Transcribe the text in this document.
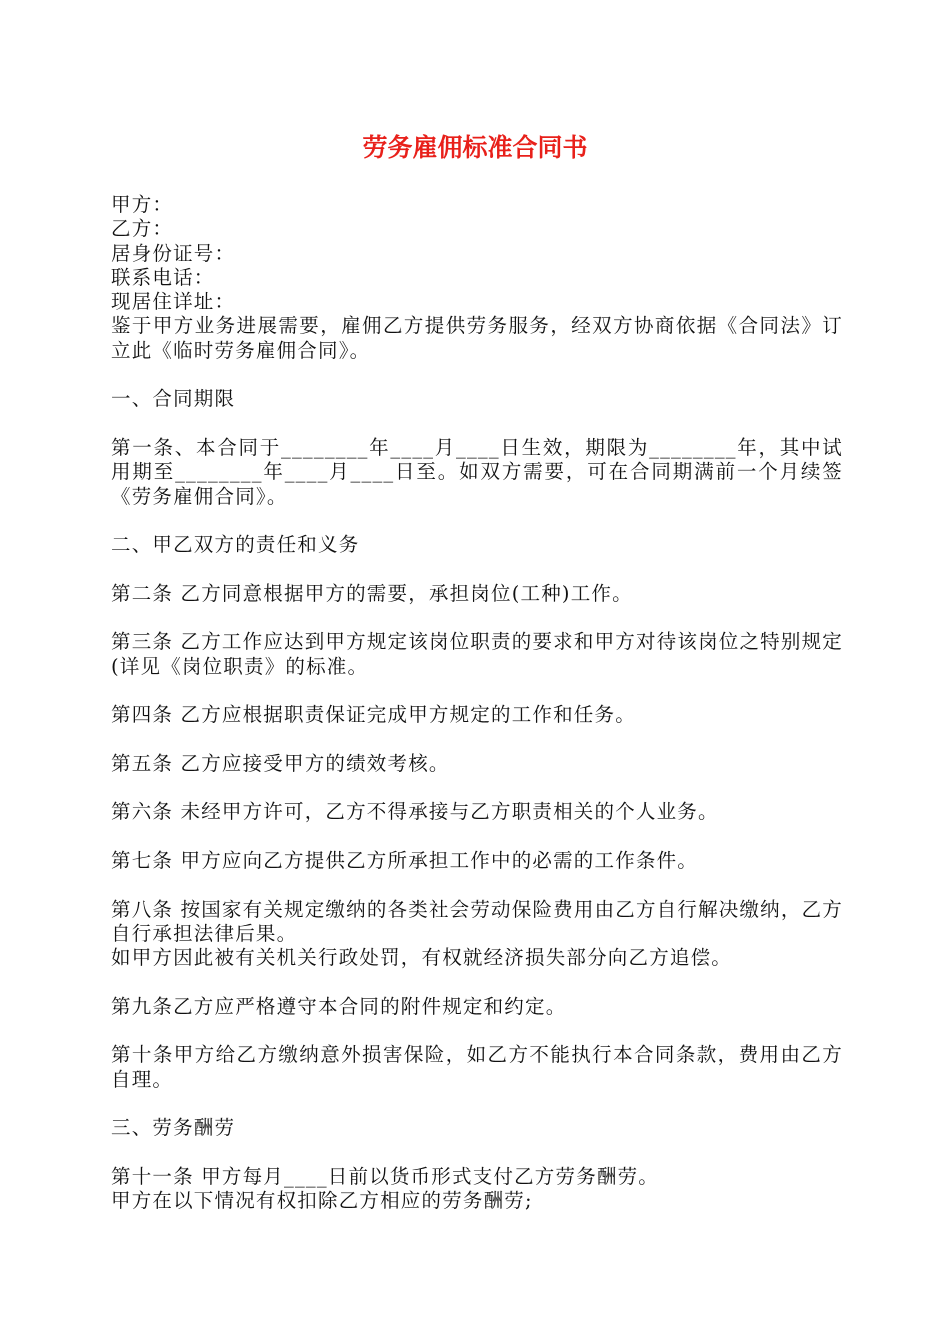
劳务雇佣标准合同书

甲方：

乙方：

居身份证号：

联系电话：

现居住详址：

鉴于甲方业务进展需要，雇佣乙方提供劳务服务，经双方协商依据《合同法》订立此《临时劳务雇佣合同》。

一、合同期限

第一条、本合同于________年____月____日生效，期限为________年，其中试用期至________年____月____日至。如双方需要，可在合同期满前一个月续签《劳务雇佣合同》。

二、甲乙双方的责任和义务

第二条 乙方同意根据甲方的需要，承担岗位(工种)工作。

第三条 乙方工作应达到甲方规定该岗位职责的要求和甲方对待该岗位之特别规定(详见《岗位职责》的标准。

第四条 乙方应根据职责保证完成甲方规定的工作和任务。

第五条 乙方应接受甲方的绩效考核。

第六条 未经甲方许可，乙方不得承接与乙方职责相关的个人业务。

第七条 甲方应向乙方提供乙方所承担工作中的必需的工作条件。

第八条 按国家有关规定缴纳的各类社会劳动保险费用由乙方自行解决缴纳，乙方自行承担法律后果。

如甲方因此被有关机关行政处罚，有权就经济损失部分向乙方追偿。

第九条乙方应严格遵守本合同的附件规定和约定。

第十条甲方给乙方缴纳意外损害保险，如乙方不能执行本合同条款，费用由乙方自理。

三、劳务酬劳

第十一条 甲方每月____日前以货币形式支付乙方劳务酬劳。

甲方在以下情况有权扣除乙方相应的劳务酬劳;
